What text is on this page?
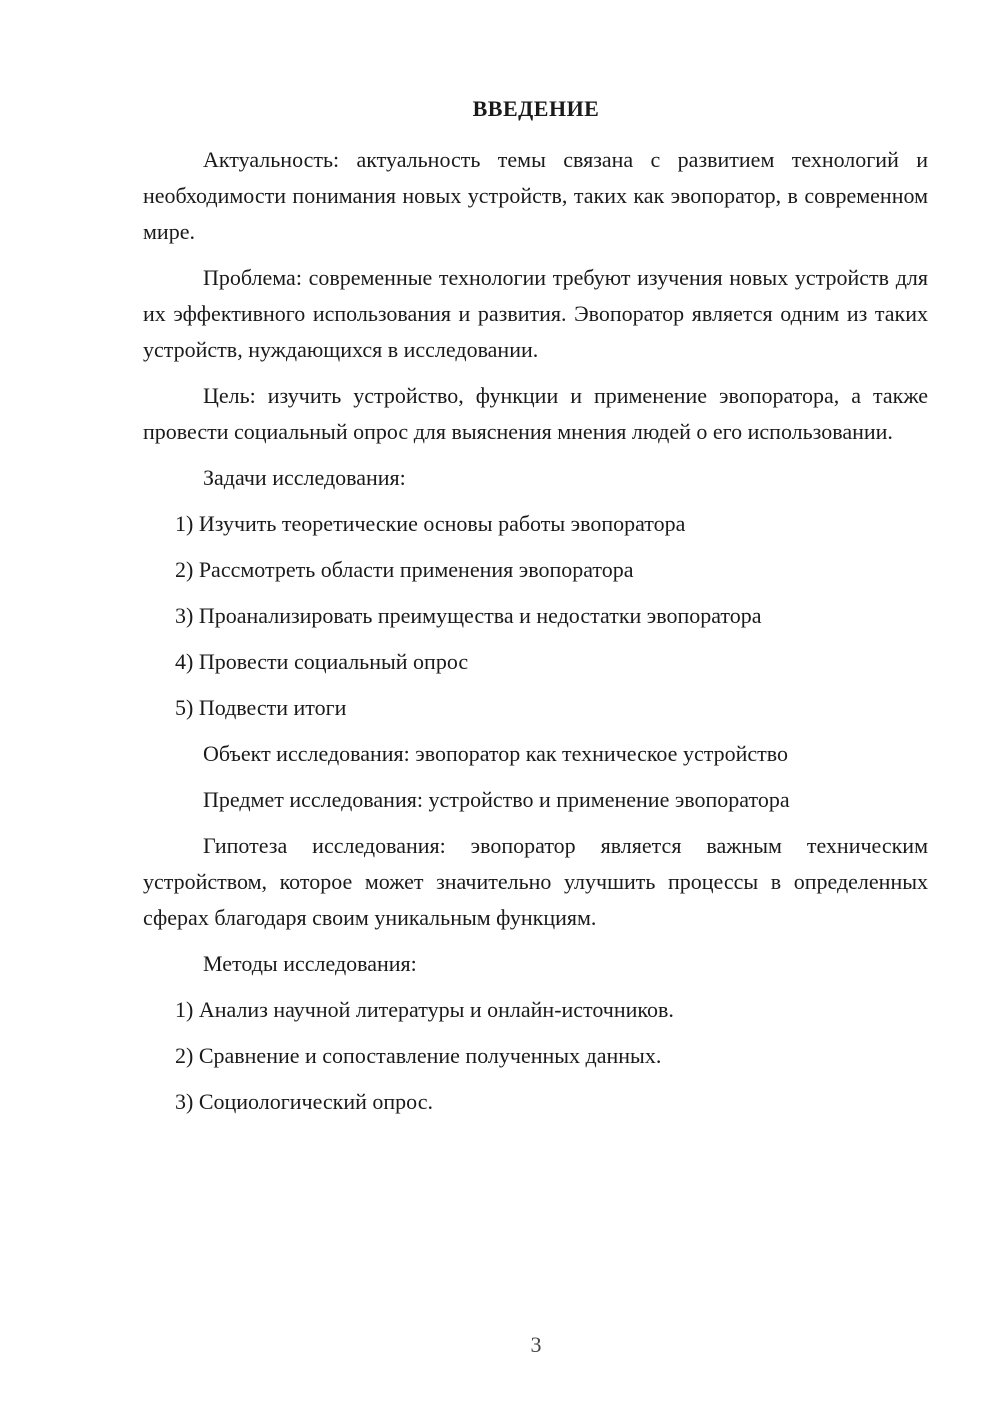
ВВЕДЕНИЕ

Актуальность: актуальность темы связана с развитием технологий и необходимости понимания новых устройств, таких как эвопоратор, в современном мире.

Проблема: современные технологии требуют изучения новых устройств для их эффективного использования и развития. Эвопоратор является одним из таких устройств, нуждающихся в исследовании.

Цель: изучить устройство, функции и применение эвопоратора, а также провести социальный опрос для выяснения мнения людей о его использовании.

Задачи исследования:

1) Изучить теоретические основы работы эвопоратора
2) Рассмотреть области применения эвопоратора
3) Проанализировать преимущества и недостатки эвопоратора
4) Провести социальный опрос
5) Подвести итоги

Объект исследования: эвопоратор как техническое устройство

Предмет исследования: устройство и применение эвопоратора

Гипотеза исследования: эвопоратор является важным техническим устройством, которое может значительно улучшить процессы в определенных сферах благодаря своим уникальным функциям.

Методы исследования:

1) Анализ научной литературы и онлайн-источников.
2) Сравнение и сопоставление полученных данных.
3) Социологический опрос.
3
